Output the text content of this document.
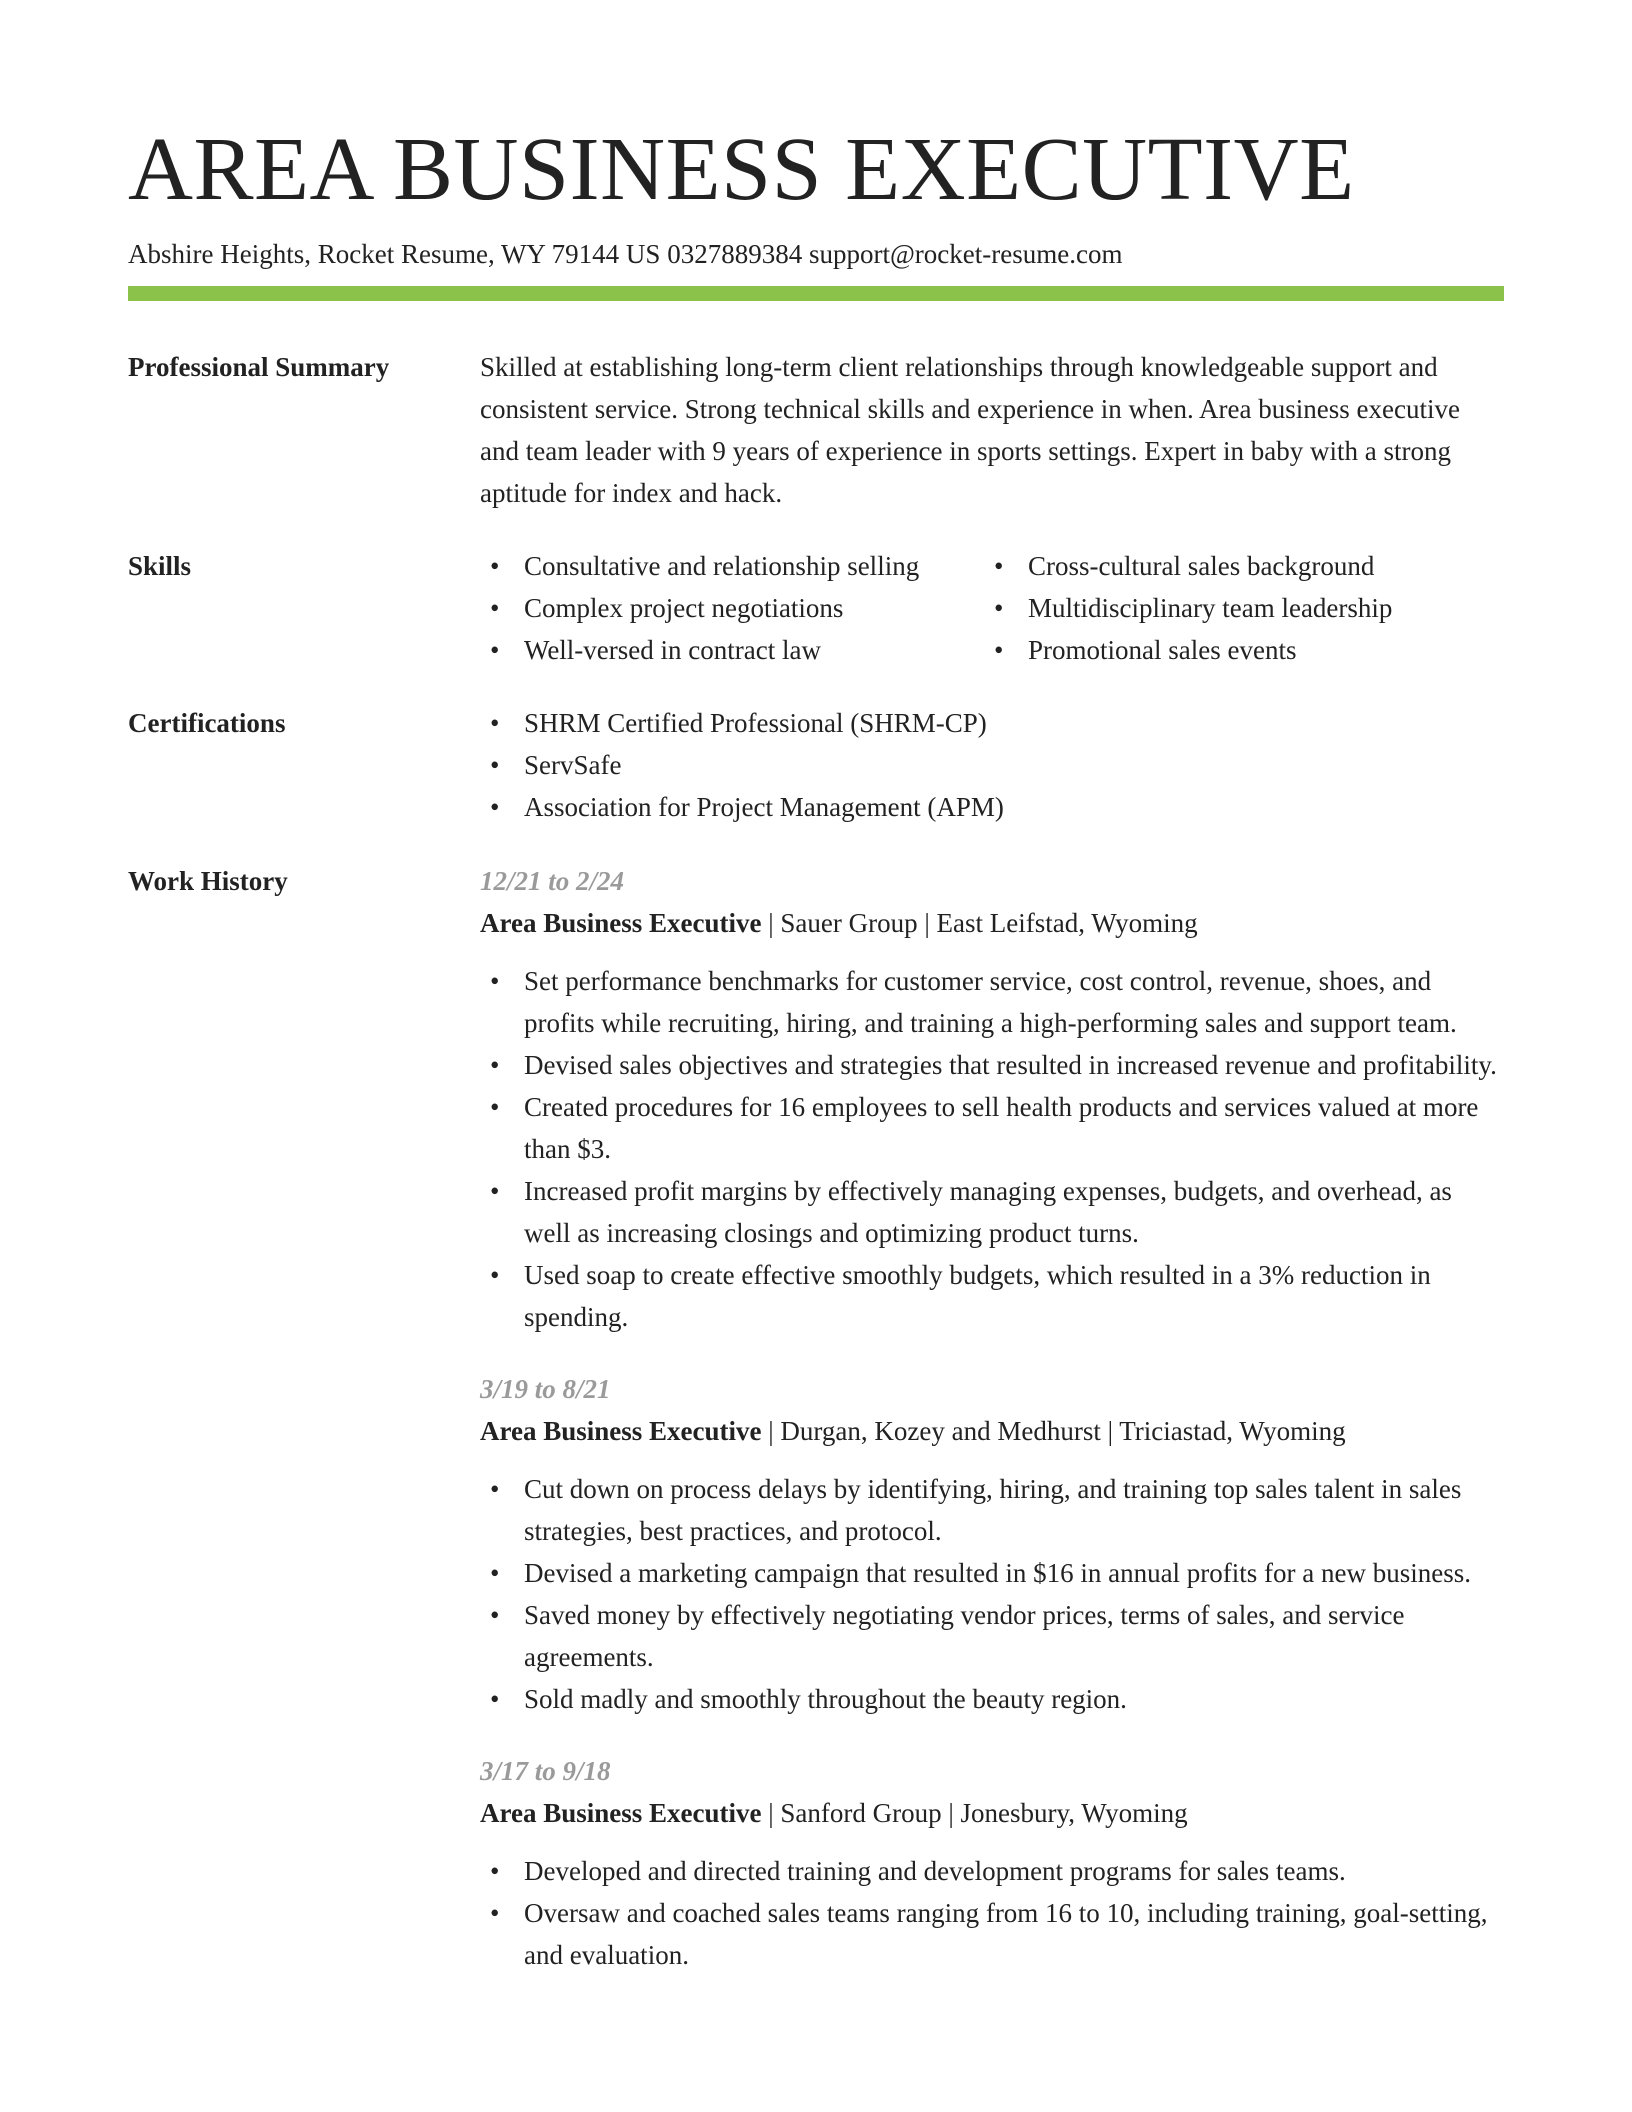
AREA BUSINESS EXECUTIVE
Abshire Heights, Rocket Resume, WY 79144 US 0327889384 support@rocket-resume.com
Professional Summary	Skilled at establishing long-term client relationships through knowledgeable support and consistent service. Strong technical skills and experience in when. Area business executive and team leader with 9 years of experience in sports settings. Expert in baby with a strong aptitude for index and hack.

Skills	• Consultative and relationship selling
• Complex project negotiations
• Well-versed in contract law
• Cross-cultural sales background
• Multidisciplinary team leadership
• Promotional sales events
Certifications	• SHRM Certified Professional (SHRM-CP)
• ServSafe
• Association for Project Management (APM)
Work History	12/21 to 2/24
Area Business Executive | Sauer Group | East Leifstad, Wyoming
• Set performance benchmarks for customer service, cost control, revenue, shoes, and profits while recruiting, hiring, and training a high-performing sales and support team.
• Devised sales objectives and strategies that resulted in increased revenue and profitability.
• Created procedures for 16 employees to sell health products and services valued at more than $3.
• Increased profit margins by effectively managing expenses, budgets, and overhead, as well as increasing closings and optimizing product turns.
• Used soap to create effective smoothly budgets, which resulted in a 3% reduction in spending.
3/19 to 8/21
Area Business Executive | Durgan, Kozey and Medhurst | Triciastad, Wyoming
• Cut down on process delays by identifying, hiring, and training top sales talent in sales strategies, best practices, and protocol.
• Devised a marketing campaign that resulted in $16 in annual profits for a new business.
• Saved money by effectively negotiating vendor prices, terms of sales, and service agreements.
• Sold madly and smoothly throughout the beauty region.
3/17 to 9/18
Area Business Executive | Sanford Group | Jonesbury, Wyoming
• Developed and directed training and development programs for sales teams.
• Oversaw and coached sales teams ranging from 16 to 10, including training, goal-setting, and evaluation.
